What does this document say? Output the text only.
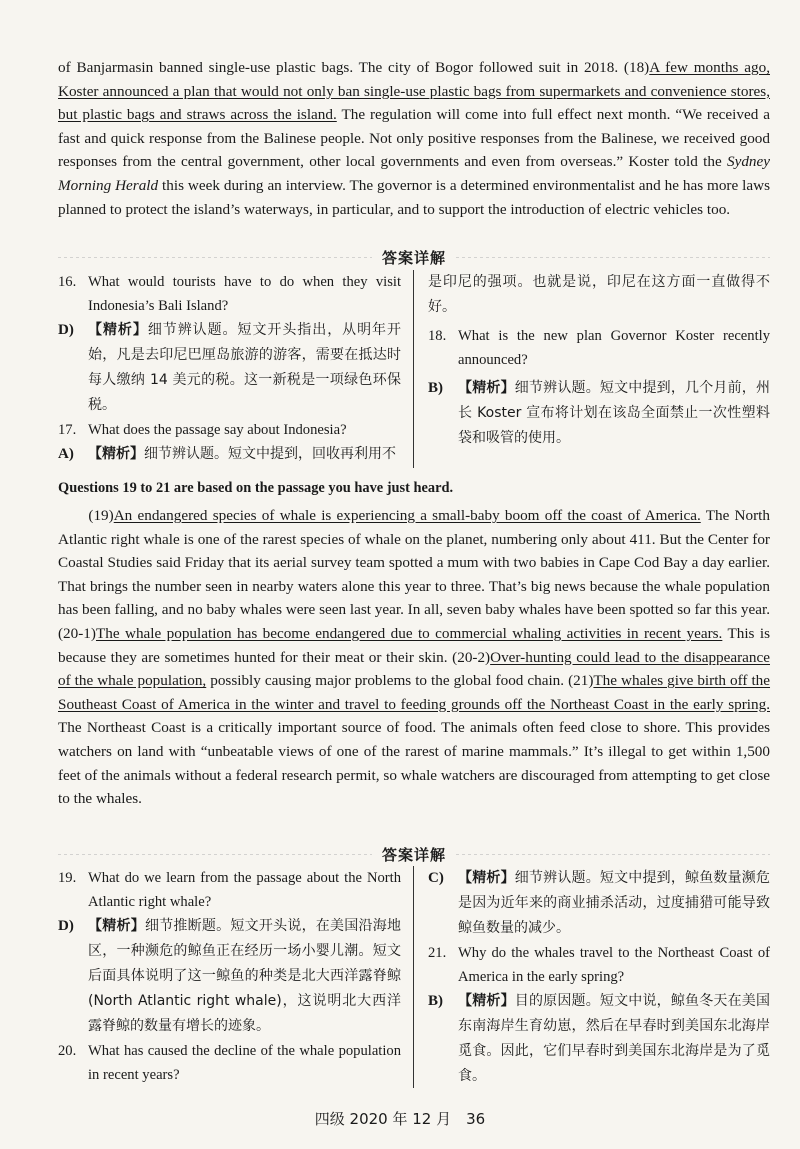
of Banjarmasin banned single-use plastic bags. The city of Bogor followed suit in 2018. (18)A few months ago, Koster announced a plan that would not only ban single-use plastic bags from supermarkets and convenience stores, but plastic bags and straws across the island. The regulation will come into full effect next month. “We received a fast and quick response from the Balinese people. Not only positive responses from the Balinese, we received good responses from the central government, other local governments and even from overseas.” Koster told the Sydney Morning Herald this week during an interview. The governor is a determined environmentalist and he has more laws planned to protect the island’s waterways, in particular, and to support the introduction of electric vehicles too.

答案详解
16. What would tourists have to do when they visit Indonesia’s Bali Island?
D)	【精析】细节辨认题。短文开头指出，从明年开始，凡是去印尼巴厘岛旅游的游客，需要在抵达时每人缴纳 14 美元的税。这一新税是一项绿色环保税。
17. What does the passage say about Indonesia?
A)	【精析】细节辨认题。短文中提到，回收再利用不
是印尼的强项。也就是说，印尼在这方面一直做得不好。
18. What is the new plan Governor Koster recently announced?
B)	【精析】细节辨认题。短文中提到，几个月前，州长 Koster 宣布将计划在该岛全面禁止一次性塑料袋和吸管的使用。
Questions 19 to 21 are based on the passage you have just heard.

(19)An endangered species of whale is experiencing a small-baby boom off the coast of America. The North Atlantic right whale is one of the rarest species of whale on the planet, numbering only about 411. But the Center for Coastal Studies said Friday that its aerial survey team spotted a mum with two babies in Cape Cod Bay a day earlier. That brings the number seen in nearby waters alone this year to three. That’s big news because the whale population has been falling, and no baby whales were seen last year. In all, seven baby whales have been spotted so far this year. (20-1)The whale population has become endangered due to commercial whaling activities in recent years. This is because they are sometimes hunted for their meat or their skin. (20-2)Over-hunting could lead to the disappearance of the whale population, possibly causing major problems to the global food chain. (21)The whales give birth off the Southeast Coast of America in the winter and travel to feeding grounds off the Northeast Coast in the early spring. The Northeast Coast is a critically important source of food. The animals often feed close to shore. This provides watchers on land with “unbeatable views of one of the rarest of marine mammals.” It’s illegal to get within 1,500 feet of the animals without a federal research permit, so whale watchers are discouraged from attempting to get close to the whales.

答案详解
19. What do we learn from the passage about the North Atlantic right whale?
D)	【精析】细节推断题。短文开头说，在美国沿海地区，一种濒危的鲸鱼正在经历一场小婴儿潮。短文后面具体说明了这一鲸鱼的种类是北大西洋露脊鲸(North Atlantic right whale)，这说明北大西洋露脊鲸的数量有增长的迹象。
20. What has caused the decline of the whale population in recent years?
C)	【精析】细节辨认题。短文中提到，鲸鱼数量濒危是因为近年来的商业捕杀活动，过度捕猎可能导致鲸鱼数量的减少。
21. Why do the whales travel to the Northeast Coast of America in the early spring?
B)	【精析】目的原因题。短文中说，鲸鱼冬天在美国东南海岸生育幼崽，然后在早春时到美国东北海岸觅食。因此，它们早春时到美国东北海岸是为了觅食。
四级 2020 年 12 月　36
